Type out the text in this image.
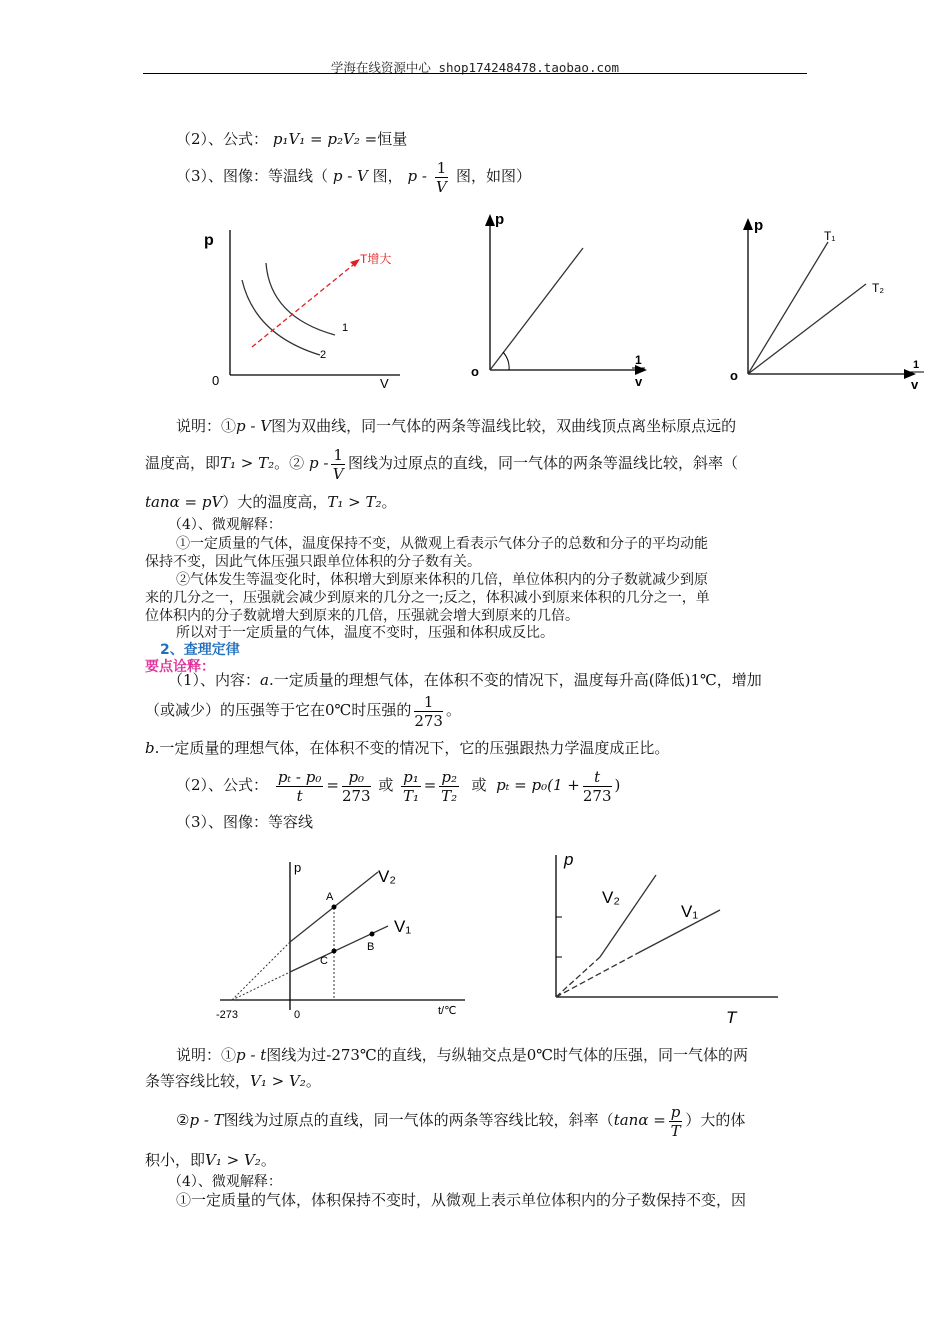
学海在线资源中心 shop174248478.taobao.com
（2）、公式： p₁V₁ = p₂V₂ =恒量
（3）、图像：等温线（ p - V 图， p - $\frac{1}{V}$ 图，如图）
p
0	V
T增大
1
2
p
o
1
v
p
o
T₁
T₂
1
v
说明：①p - V图为双曲线，同一气体的两条等温线比较，双曲线顶点离坐标原点远的
温度高，即T₁ > T₂。② p - $\frac{1}{V}$ 图线为过原点的直线，同一气体的两条等温线比较，斜率（
tanα = pV）大的温度高，T₁ > T₂。
（4）、微观解释：
①一定质量的气体，温度保持不变，从微观上看表示气体分子的总数和分子的平均动能
保持不变，因此气体压强只跟单位体积的分子数有关。
②气体发生等温变化时，体积增大到原来体积的几倍，单位体积内的分子数就减少到原
来的几分之一，压强就会减少到原来的几分之一;反之，体积减小到原来体积的几分之一，单
位体积内的分子数就增大到原来的几倍，压强就会增大到原来的几倍。
所以对于一定质量的气体，温度不变时，压强和体积成反比。
2、查理定律
要点诠释：
（1）、内容：a.一定质量的理想气体，在体积不变的情况下，温度每升高(降低)1℃，增加
（或减少）的压强等于它在0℃时压强的 $\frac{1}{273}$ 。
b.一定质量的理想气体，在体积不变的情况下，它的压强跟热力学温度成正比。
（2）、公式： $\frac{\text{pₜ - p₀}}{t} = \frac{\text{p₀}}{273}$ 或 $\frac{\text{p₁}}{\text{T₁}} = \frac{\text{p₂}}{\text{T₂}}$ 或 $p_t = p_0(1 + \frac{t}{273}$ )
（3）、图像：等容线
p	V₂
V₁
A
B
C
-273	0	t/℃
p
V₂
V₁
T
说明：①p - t图线为过-273℃的直线，与纵轴交点是0℃时气体的压强，同一气体的两
条等容线比较，V₁ > V₂。
②p - T图线为过原点的直线，同一气体的两条等容线比较，斜率（$\tan\alpha = \frac{p}{T}$ ）大的体
积小，即V₁ > V₂。
（4）、微观解释：
①一定质量的气体，体积保持不变时，从微观上表示单位体积内的分子数保持不变，因
